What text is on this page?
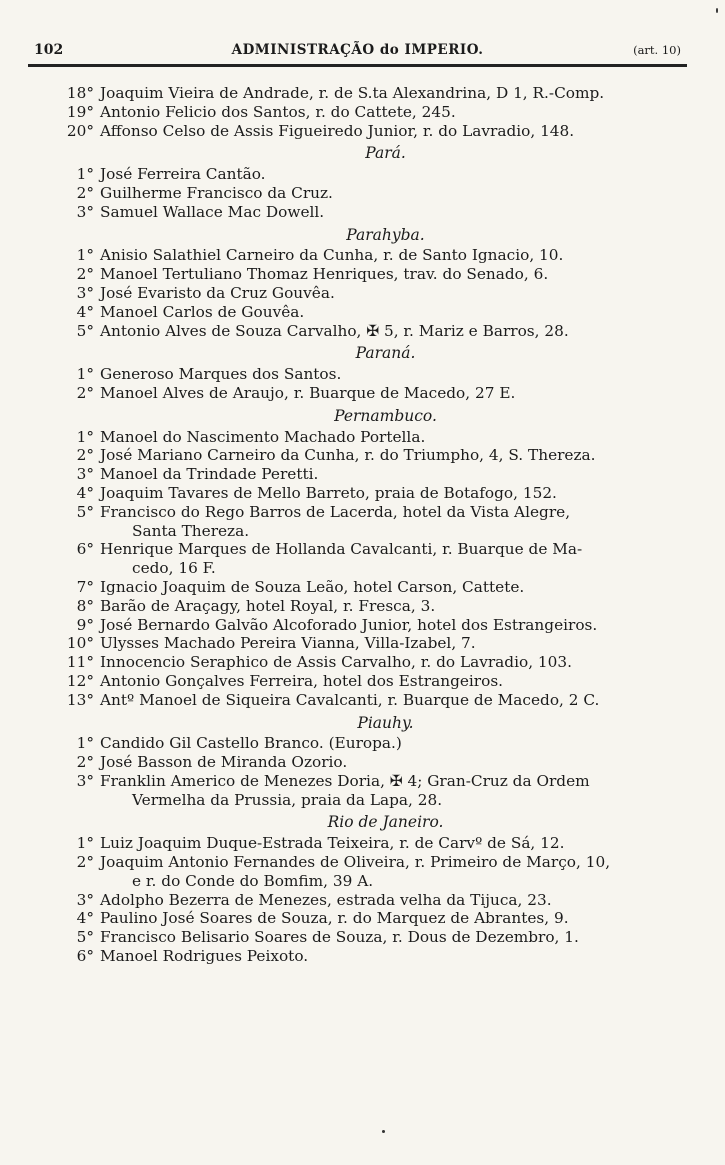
102	ADMINISTRAÇÃO do IMPERIO.	(art. 10)
18° Joaquim Vieira de Andrade, r. de S.ta Alexandrina, D 1, R.-Comp.
19° Antonio Felicio dos Santos, r. do Cattete, 245.
20° Affonso Celso de Assis Figueiredo Junior, r. do Lavradio, 148.
Pará.
1° José Ferreira Cantão.
2° Guilherme Francisco da Cruz.
3° Samuel Wallace Mac Dowell.
Parahyba.
1° Anisio Salathiel Carneiro da Cunha, r. de Santo Ignacio, 10.
2° Manoel Tertuliano Thomaz Henriques, trav. do Senado, 6.
3° José Evaristo da Cruz Gouvêa.
4° Manoel Carlos de Gouvêa.
5° Antonio Alves de Souza Carvalho, ✠ 5, r. Mariz e Barros, 28.
Paraná.
1° Generoso Marques dos Santos.
2° Manoel Alves de Araujo, r. Buarque de Macedo, 27 E.
Pernambuco.
1° Manoel do Nascimento Machado Portella.
2° José Mariano Carneiro da Cunha, r. do Triumpho, 4, S. Thereza.
3° Manoel da Trindade Peretti.
4° Joaquim Tavares de Mello Barreto, praia de Botafogo, 152.
5° Francisco do Rego Barros de Lacerda, hotel da Vista Alegre,
Santa Thereza.
6° Henrique Marques de Hollanda Cavalcanti, r. Buarque de Ma-
cedo, 16 F.
7° Ignacio Joaquim de Souza Leão, hotel Carson, Cattete.
8° Barão de Araçagy, hotel Royal, r. Fresca, 3.
9° José Bernardo Galvão Alcoforado Junior, hotel dos Estrangeiros.
10° Ulysses Machado Pereira Vianna, Villa-Izabel, 7.
11° Innocencio Seraphico de Assis Carvalho, r. do Lavradio, 103.
12° Antonio Gonçalves Ferreira, hotel dos Estrangeiros.
13° Antº Manoel de Siqueira Cavalcanti, r. Buarque de Macedo, 2 C.
Piauhy.
1° Candido Gil Castello Branco. (Europa.)
2° José Basson de Miranda Ozorio.
3° Franklin Americo de Menezes Doria, ✠ 4; Gran-Cruz da Ordem
Vermelha da Prussia, praia da Lapa, 28.
Rio de Janeiro.
1° Luiz Joaquim Duque-Estrada Teixeira, r. de Carvº de Sá, 12.
2° Joaquim Antonio Fernandes de Oliveira, r. Primeiro de Março, 10,
e r. do Conde do Bomfim, 39 A.
3° Adolpho Bezerra de Menezes, estrada velha da Tijuca, 23.
4° Paulino José Soares de Souza, r. do Marquez de Abrantes, 9.
5° Francisco Belisario Soares de Souza, r. Dous de Dezembro, 1.
6° Manoel Rodrigues Peixoto.
